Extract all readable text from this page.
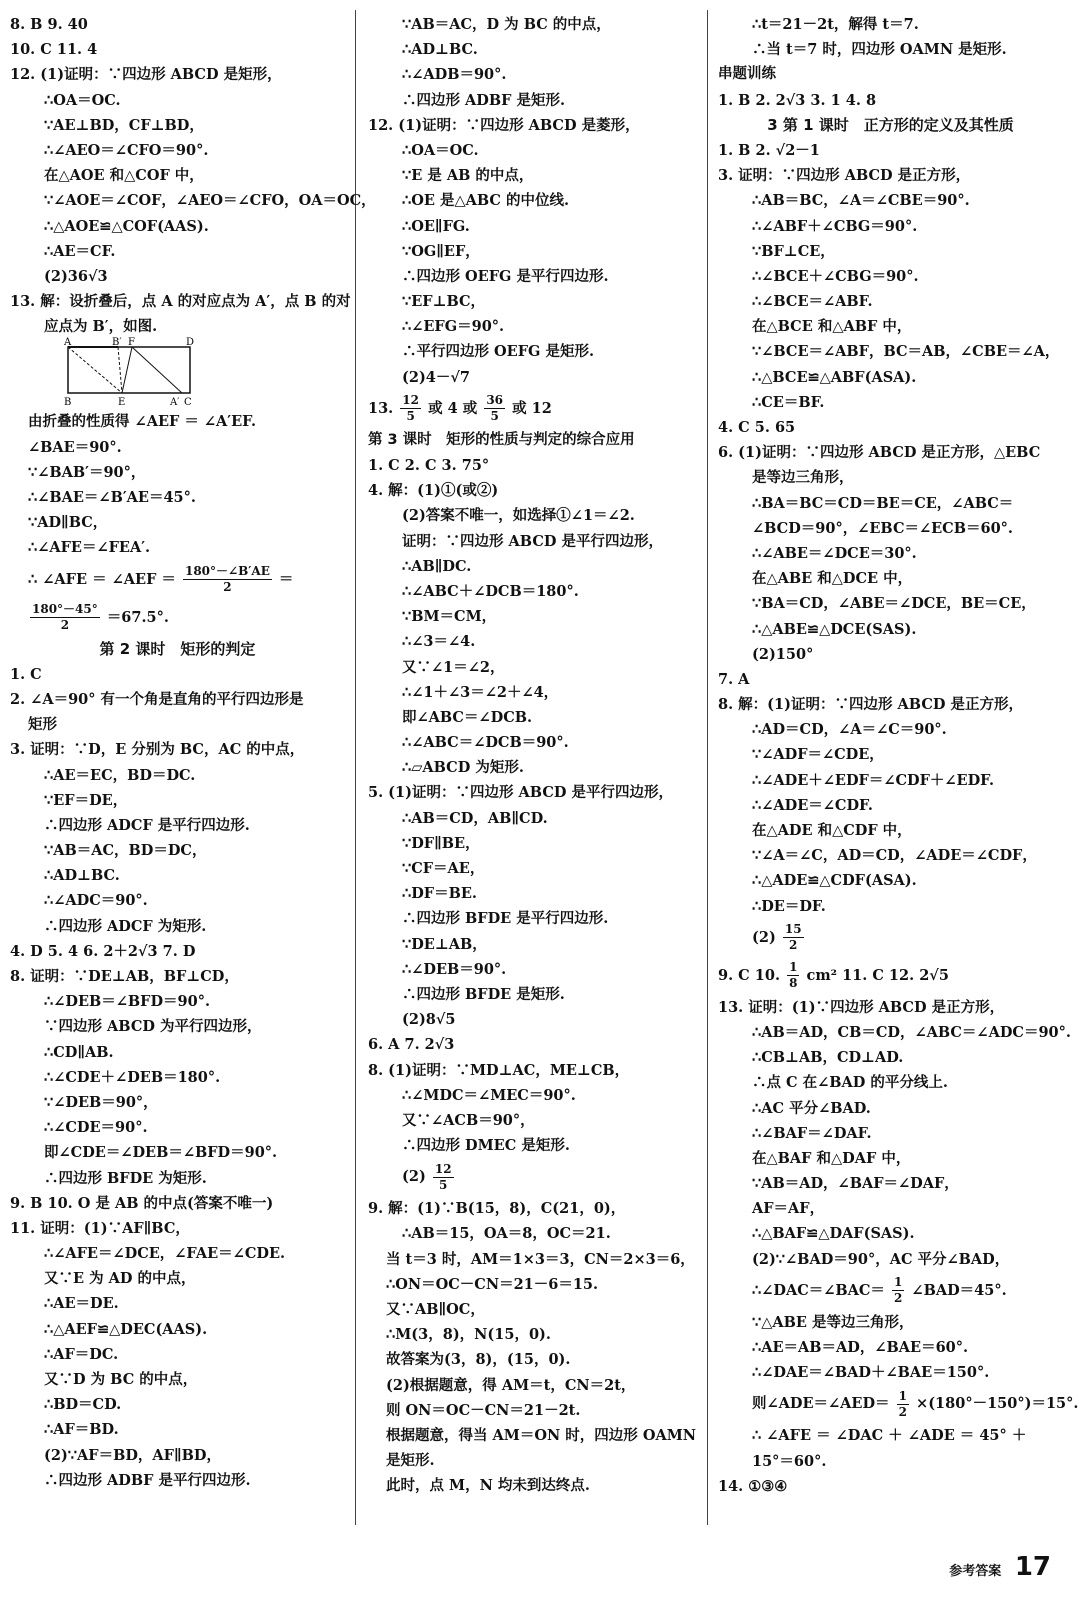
8. B 9. 40
10. C 11. 4
12. (1)证明：∵四边形 ABCD 是矩形，
∴OA＝OC.
∵AE⊥BD，CF⊥BD，
∴∠AEO＝∠CFO＝90°.
在△AOE 和△COF 中，
∵∠AOE＝∠COF，∠AEO＝∠CFO，OA＝OC，
∴△AOE≌△COF(AAS).
∴AE＝CF.
(2)36√3
13. 解：设折叠后，点 A 的对应点为 A′，点 B 的对
应点为 B′，如图.
A	B′ F	D
B	E	A′ C
由折叠的性质得 ∠AEF ＝ ∠A′EF.
∠BAE＝90°.
∵∠BAB′＝90°，
∴∠BAE＝∠B′AE＝45°.
∵AD∥BC，
∴∠AFE＝∠FEA′.
∴ ∠AFE ＝ ∠AEF ＝ $\frac{180^\circ-\angle B'AE}{2}$ ＝
$\frac{180^\circ-45^\circ}{2} =67.5^\circ$.
第 2 课时　矩形的判定
1. C
2. ∠A＝90° 有一个角是直角的平行四边形是
矩形
3. 证明：∵D，E 分别为 BC，AC 的中点，
∴AE＝EC，BD＝DC.
∵EF＝DE，
∴四边形 ADCF 是平行四边形.
∵AB＝AC，BD＝DC，
∴AD⊥BC.
∴∠ADC＝90°.
∴四边形 ADCF 为矩形.
4. D 5. 4 6. 2＋2√3 7. D
8. 证明：∵DE⊥AB，BF⊥CD，
∴∠DEB＝∠BFD＝90°.
∵四边形 ABCD 为平行四边形，
∴CD∥AB.
∴∠CDE＋∠DEB＝180°.
∵∠DEB＝90°，
∴∠CDE＝90°.
即∠CDE＝∠DEB＝∠BFD＝90°.
∴四边形 BFDE 为矩形.
9. B 10. O 是 AB 的中点(答案不唯一)
11. 证明：(1)∵AF∥BC，
∴∠AFE＝∠DCE，∠FAE＝∠CDE.
又∵E 为 AD 的中点，
∴AE＝DE.
∴△AEF≌△DEC(AAS).
∴AF＝DC.
又∵D 为 BC 的中点，
∴BD＝CD.
∴AF＝BD.
(2)∵AF＝BD，AF∥BD，
∴四边形 ADBF 是平行四边形.
∵AB＝AC，D 为 BC 的中点，
∴AD⊥BC.
∴∠ADB＝90°.
∴四边形 ADBF 是矩形.
12. (1)证明：∵四边形 ABCD 是菱形，
∴OA＝OC.
∵E 是 AB 的中点，
∴OE 是△ABC 的中位线.
∴OE∥FG.
∵OG∥EF，
∴四边形 OEFG 是平行四边形.
∵EF⊥BC，
∴∠EFG＝90°.
∴平行四边形 OEFG 是矩形.
(2)4－√7
13. $\frac{12}{5}$ 或 4 或 $\frac{36}{5}$ 或 12
第 3 课时　矩形的性质与判定的综合应用
1. C 2. C 3. 75°
4. 解：(1)①(或②)
(2)答案不唯一，如选择①∠1＝∠2.
证明：∵四边形 ABCD 是平行四边形，
∴AB∥DC.
∴∠ABC＋∠DCB＝180°.
∵BM＝CM，
∴∠3＝∠4.
又∵∠1＝∠2，
∴∠1＋∠3＝∠2＋∠4，
即∠ABC＝∠DCB.
∴∠ABC＝∠DCB＝90°.
∴▱ABCD 为矩形.
5. (1)证明：∵四边形 ABCD 是平行四边形，
∴AB＝CD，AB∥CD.
∵DF∥BE，
∵CF＝AE，
∴DF＝BE.
∴四边形 BFDE 是平行四边形.
∵DE⊥AB，
∴∠DEB＝90°.
∴四边形 BFDE 是矩形.
(2)8√5
6. A 7. 2√3
8. (1)证明：∵MD⊥AC，ME⊥CB，
∴∠MDC＝∠MEC＝90°.
又∵∠ACB＝90°，
∴四边形 DMEC 是矩形.
$(2) \frac{12}{5}$
9. 解：(1)∵B(15，8)，C(21，0)，
∴AB＝15，OA＝8，OC＝21.
当 t＝3 时，AM＝1×3＝3，CN＝2×3＝6，
∴ON＝OC－CN＝21－6＝15.
又∵AB∥OC，
∴M(3，8)，N(15，0).
故答案为(3，8)，(15，0).
(2)根据题意，得 AM＝t，CN＝2t，
则 ON＝OC－CN＝21－2t.
根据题意，得当 AM＝ON 时，四边形 OAMN
是矩形.
此时，点 M，N 均未到达终点.
∴t＝21－2t，解得 t＝7.
∴当 t＝7 时，四边形 OAMN 是矩形.
串题训练
1. B 2. 2√3 3. 1 4. 8
3 第 1 课时　正方形的定义及其性质
1. B 2. √2－1
3. 证明：∵四边形 ABCD 是正方形，
∴AB＝BC，∠A＝∠CBE＝90°.
∴∠ABF＋∠CBG＝90°.
∵BF⊥CE，
∴∠BCE＋∠CBG＝90°.
∴∠BCE＝∠ABF.
在△BCE 和△ABF 中，
∵∠BCE＝∠ABF，BC＝AB，∠CBE＝∠A，
∴△BCE≌△ABF(ASA).
∴CE＝BF.
4. C 5. 65
6. (1)证明：∵四边形 ABCD 是正方形，△EBC
是等边三角形，
∴BA＝BC＝CD＝BE＝CE，∠ABC＝
∠BCD＝90°，∠EBC＝∠ECB＝60°.
∴∠ABE＝∠DCE＝30°.
在△ABE 和△DCE 中，
∵BA＝CD，∠ABE＝∠DCE，BE＝CE，
∴△ABE≌△DCE(SAS).
(2)150°
7. A
8. 解：(1)证明：∵四边形 ABCD 是正方形，
∴AD＝CD，∠A＝∠C＝90°.
∵∠ADF＝∠CDE，
∴∠ADE＋∠EDF＝∠CDF＋∠EDF.
∴∠ADE＝∠CDF.
在△ADE 和△CDF 中，
∵∠A＝∠C，AD＝CD，∠ADE＝∠CDF，
∴△ADE≌△CDF(ASA).
∴DE＝DF.
$(2) \frac{15}{2}$
9. C 10. $\frac{1}{8} cm^2$ 11. C 12. 2√5
13. 证明：(1)∵四边形 ABCD 是正方形，
∴AB＝AD，CB＝CD，∠ABC＝∠ADC＝90°.
∴CB⊥AB，CD⊥AD.
∴点 C 在∠BAD 的平分线上.
∴AC 平分∠BAD.
∴∠BAF＝∠DAF.
在△BAF 和△DAF 中，
∵AB＝AD，∠BAF＝∠DAF，
AF＝AF，
∴△BAF≌△DAF(SAS).
(2)∵∠BAD＝90°，AC 平分∠BAD，
∴∠DAC＝∠BAC＝ $\frac{1}{2}$ ∠BAD＝45°.
∵△ABE 是等边三角形，
∴AE＝AB＝AD，∠BAE＝60°.
∴∠DAE＝∠BAD＋∠BAE＝150°.
则∠ADE＝∠AED＝ $\frac{1}{2} \times(180^\circ-150^\circ)=15^\circ$.
∴ ∠AFE ＝ ∠DAC ＋ ∠ADE ＝ 45° ＋
15°＝60°.
14. ①③④
参考答案 17
